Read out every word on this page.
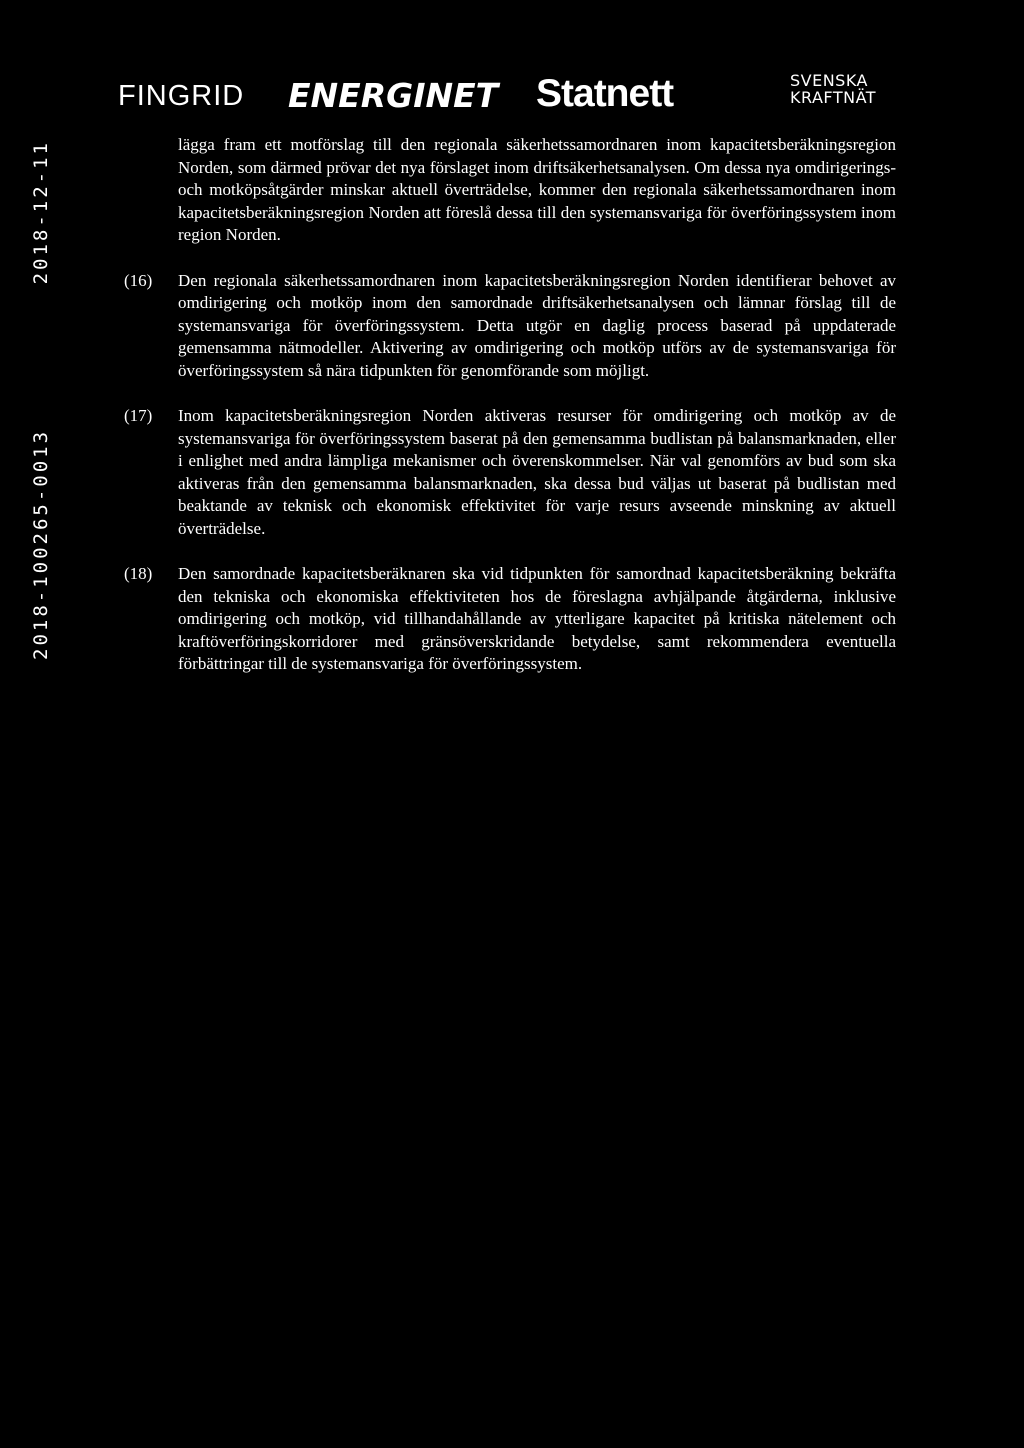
2018-100265-0013
2018-12-11
FINGRID ENERGINET Statnett	SVENSKA
KRAFTNÄT
lägga fram ett motförslag till den regionala säkerhetssamordnaren inom kapacitetsberäkningsregion Norden, som därmed prövar det nya förslaget inom driftsäkerhetsanalysen. Om dessa nya omdirigerings- och motköpsåtgärder minskar aktuell överträdelse, kommer den regionala säkerhetssamordnaren inom kapacitetsberäkningsregion Norden att föreslå dessa till den systemansvariga för överföringssystem inom region Norden.
(16)	Den regionala säkerhetssamordnaren inom kapacitetsberäkningsregion Norden identifierar behovet av omdirigering och motköp inom den samordnade driftsäkerhetsanalysen och lämnar förslag till de systemansvariga för överföringssystem. Detta utgör en daglig process baserad på uppdaterade gemensamma nätmodeller. Aktivering av omdirigering och motköp utförs av de systemansvariga för överföringssystem så nära tidpunkten för genomförande som möjligt.
(17)	Inom kapacitetsberäkningsregion Norden aktiveras resurser för omdirigering och motköp av de systemansvariga för överföringssystem baserat på den gemensamma budlistan på balansmarknaden, eller i enlighet med andra lämpliga mekanismer och överenskommelser. När val genomförs av bud som ska aktiveras från den gemensamma balansmarknaden, ska dessa bud väljas ut baserat på budlistan med beaktande av teknisk och ekonomisk effektivitet för varje resurs avseende minskning av aktuell överträdelse.
(18)	Den samordnade kapacitetsberäknaren ska vid tidpunkten för samordnad kapacitetsberäkning bekräfta den tekniska och ekonomiska effektiviteten hos de föreslagna avhjälpande åtgärderna, inklusive omdirigering och motköp, vid tillhandahållande av ytterligare kapacitet på kritiska nätelement och kraftöverföringskorridorer med gränsöverskridande betydelse, samt rekommendera eventuella förbättringar till de systemansvariga för överföringssystem.
